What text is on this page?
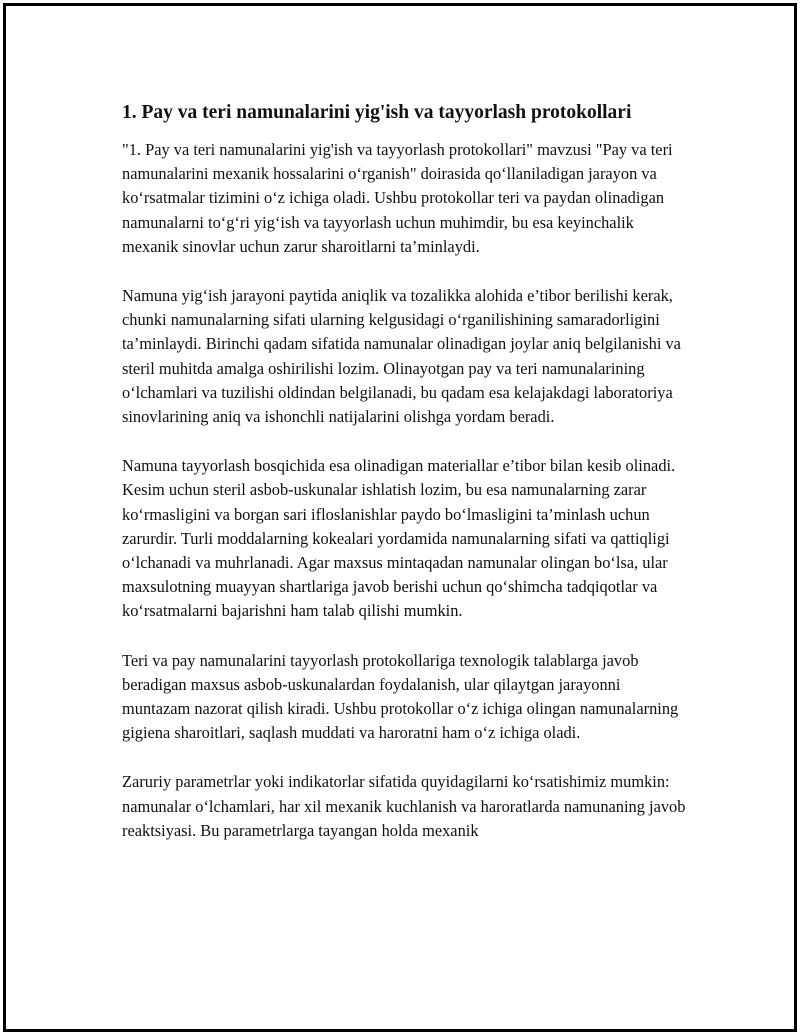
1. Pay va teri namunalarini yig'ish va tayyorlash protokollari

"1. Pay va teri namunalarini yig'ish va tayyorlash protokollari" mavzusi "Pay va teri namunalarini mexanik hossalarini o‘rganish" doirasida qo‘llaniladigan jarayon va ko‘rsatmalar tizimini o‘z ichiga oladi. Ushbu protokollar teri va paydan olinadigan namunalarni to‘g‘ri yig‘ish va tayyorlash uchun muhimdir, bu esa keyinchalik mexanik sinovlar uchun zarur sharoitlarni ta’minlaydi.

Namuna yig‘ish jarayoni paytida aniqlik va tozalikka alohida e’tibor berilishi kerak, chunki namunalarning sifati ularning kelgusidagi o‘rganilishining samaradorligini ta’minlaydi. Birinchi qadam sifatida namunalar olinadigan joylar aniq belgilanishi va steril muhitda amalga oshirilishi lozim. Olinayotgan pay va teri namunalarining o‘lchamlari va tuzilishi oldindan belgilanadi, bu qadam esa kelajakdagi laboratoriya sinovlarining aniq va ishonchli natijalarini olishga yordam beradi.

Namuna tayyorlash bosqichida esa olinadigan materiallar e’tibor bilan kesib olinadi. Kesim uchun steril asbob-uskunalar ishlatish lozim, bu esa namunalarning zarar ko‘rmasligini va borgan sari ifloslanishlar paydo bo‘lmasligini ta’minlash uchun zarurdir. Turli moddalarning kokealari yordamida namunalarning sifati va qattiqligi o‘lchanadi va muhrlanadi. Agar maxsus mintaqadan namunalar olingan bo‘lsa, ular maxsulotning muayyan shartlariga javob berishi uchun qo‘shimcha tadqiqotlar va ko‘rsatmalarni bajarishni ham talab qilishi mumkin.

Teri va pay namunalarini tayyorlash protokollariga texnologik talablarga javob beradigan maxsus asbob-uskunalardan foydalanish, ular qilaytgan jarayonni muntazam nazorat qilish kiradi. Ushbu protokollar o‘z ichiga olingan namunalarning gigiena sharoitlari, saqlash muddati va haroratni ham o‘z ichiga oladi.

Zaruriy parametrlar yoki indikatorlar sifatida quyidagilarni ko‘rsatishimiz mumkin: namunalar o‘lchamlari, har xil mexanik kuchlanish va haroratlarda namunaning javob reaktsiyasi. Bu parametrlarga tayangan holda mexanik
